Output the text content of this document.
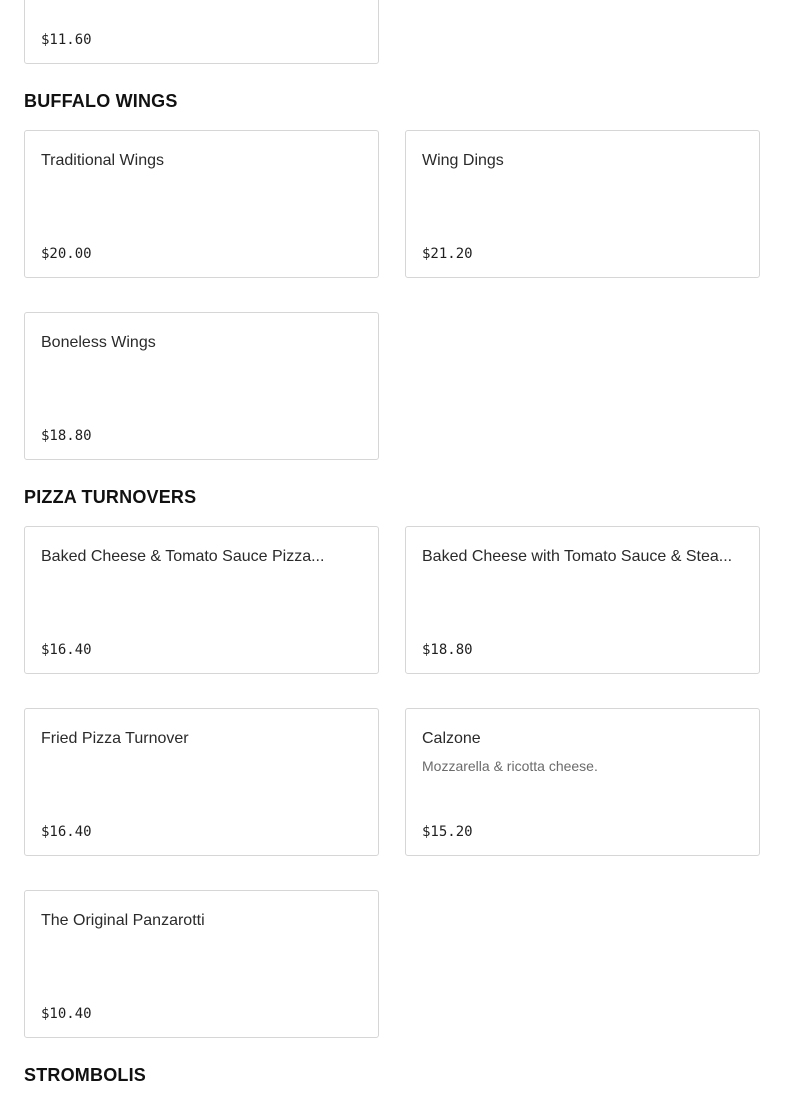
$11.60
BUFFALO WINGS
Traditional Wings
$20.00
Wing Dings
$21.20
Boneless Wings
$18.80
PIZZA TURNOVERS
Baked Cheese & Tomato Sauce Pizza...
$16.40
Baked Cheese with Tomato Sauce & Stea...
$18.80
Fried Pizza Turnover
$16.40
Calzone
Mozzarella & ricotta cheese.
$15.20
The Original Panzarotti
$10.40
STROMBOLIS
